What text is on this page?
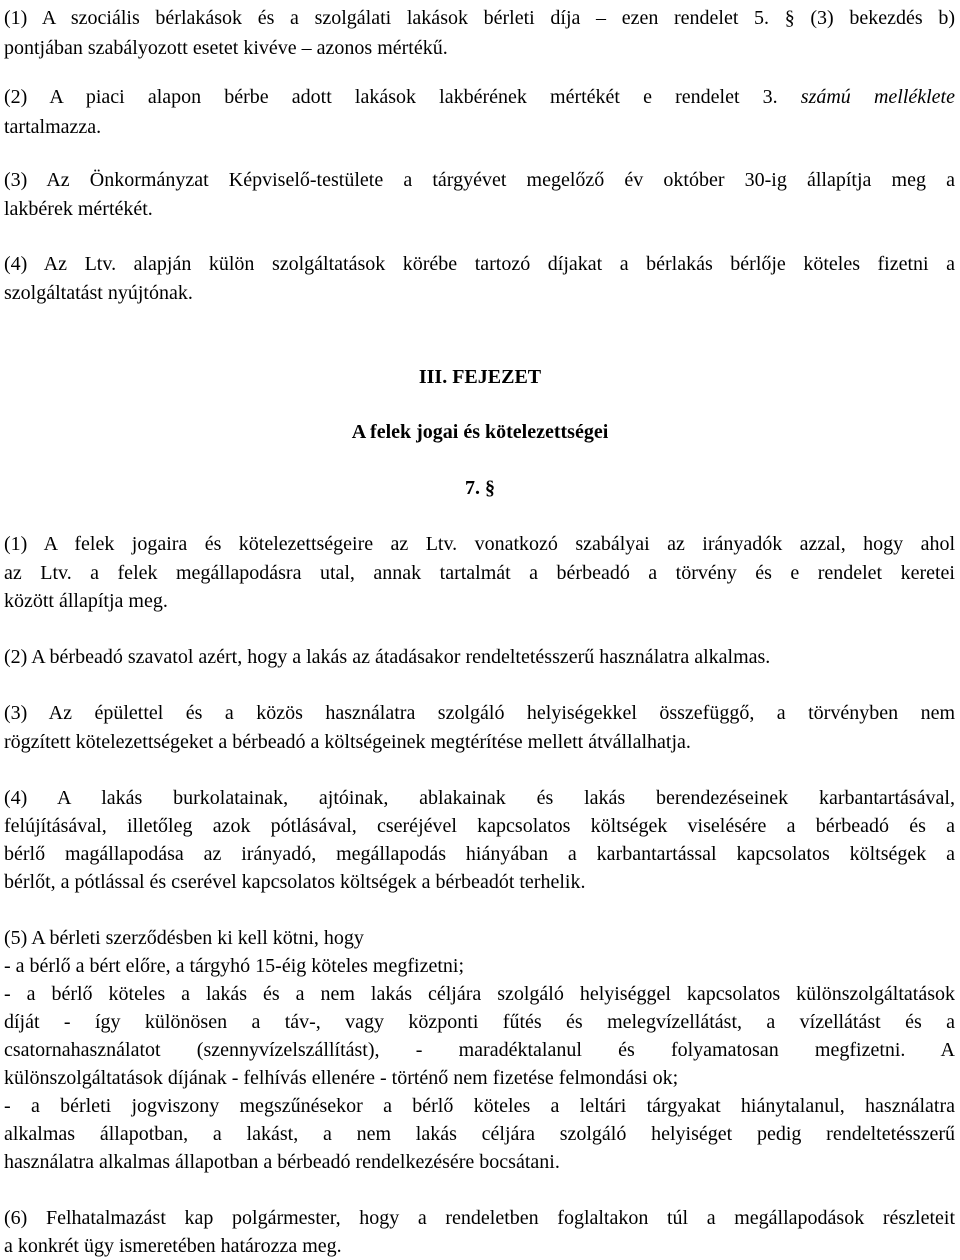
(1) A szociális bérlakások és a szolgálati lakások bérleti díja – ezen rendelet 5. § (3) bekezdés b)
pontjában szabályozott esetet kivéve – azonos mértékű.
(2) A piaci alapon bérbe adott lakások lakbérének mértékét e rendelet 3. számú melléklete
tartalmazza.
(3) Az Önkormányzat Képviselő-testülete a tárgyévet megelőző év október 30-ig állapítja meg a
lakbérek mértékét.
(4) Az Ltv. alapján külön szolgáltatások körébe tartozó díjakat a bérlakás bérlője köteles fizetni a
szolgáltatást nyújtónak.
III. FEJEZET
A felek jogai és kötelezettségei
7. §
(1) A felek jogaira és kötelezettségeire az Ltv. vonatkozó szabályai az irányadók azzal, hogy ahol
az Ltv. a felek megállapodásra utal, annak tartalmát a bérbeadó a törvény és e rendelet keretei
között állapítja meg.
(2) A bérbeadó szavatol azért, hogy a lakás az átadásakor rendeltetésszerű használatra alkalmas.
(3) Az épülettel és a közös használatra szolgáló helyiségekkel összefüggő, a törvényben nem
rögzített kötelezettségeket a bérbeadó a költségeinek megtérítése mellett átvállalhatja.
(4) A lakás burkolatainak, ajtóinak, ablakainak és lakás berendezéseinek karbantartásával,
felújításával, illetőleg azok pótlásával, cseréjével kapcsolatos költségek viselésére a bérbeadó és a
bérlő magállapodása az irányadó, megállapodás hiányában a karbantartással kapcsolatos költségek a
bérlőt, a pótlással és cserével kapcsolatos költségek a bérbeadót terhelik.
(5) A bérleti szerződésben ki kell kötni, hogy
- a bérlő a bért előre, a tárgyhó 15-éig köteles megfizetni;
- a bérlő köteles a lakás és a nem lakás céljára szolgáló helyiséggel kapcsolatos különszolgáltatások
díját - így különösen a táv-, vagy központi fűtés és melegvízellátást, a vízellátást és a
csatornahasználatot (szennyvízelszállítást), - maradéktalanul és folyamatosan megfizetni. A
különszolgáltatások díjának - felhívás ellenére - történő nem fizetése felmondási ok;
- a bérleti jogviszony megszűnésekor a bérlő köteles a leltári tárgyakat hiánytalanul, használatra
alkalmas állapotban, a lakást, a nem lakás céljára szolgáló helyiséget pedig rendeltetésszerű
használatra alkalmas állapotban a bérbeadó rendelkezésére bocsátani.
(6) Felhatalmazást kap polgármester, hogy a rendeletben foglaltakon túl a megállapodások részleteit
a konkrét ügy ismeretében határozza meg.
